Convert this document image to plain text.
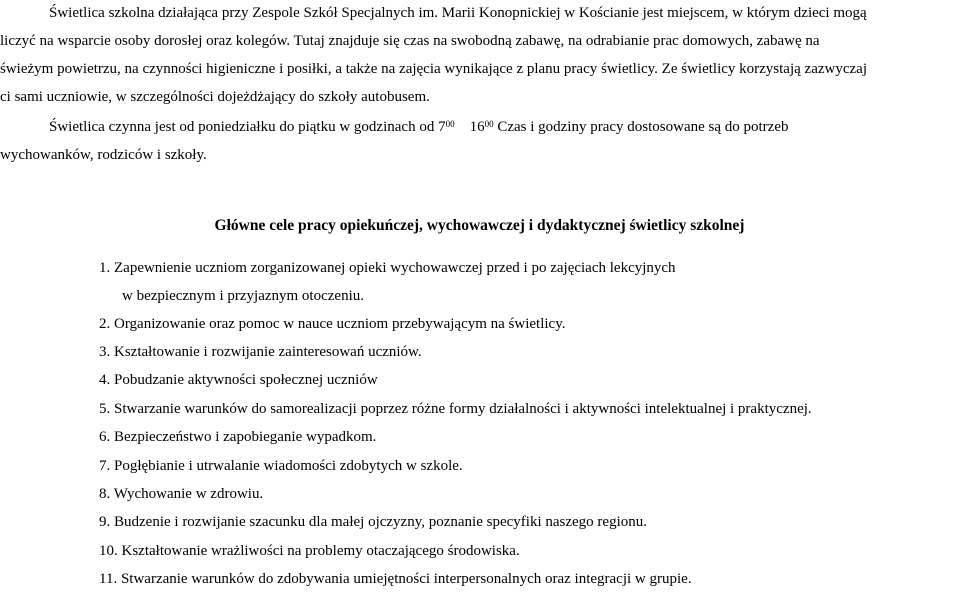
Świetlica szkolna działająca przy Zespole Szkół Specjalnych im. Marii Konopnickiej w Kościanie jest miejscem, w którym dzieci mogą
liczyć na wsparcie osoby dorosłej oraz kolegów. Tutaj znajduje się czas na swobodną zabawę, na odrabianie prac domowych, zabawę na
świeżym powietrzu, na czynności higieniczne i posiłki, a także na zajęcia wynikające z planu pracy świetlicy. Ze świetlicy korzystają zazwyczaj
ci sami uczniowie, w szczególności dojeżdżający do szkoły autobusem.
Świetlica czynna jest od poniedziałku do piątku w godzinach od $7^{00}$    $16^{00}$ Czas i godziny pracy dostosowane są do potrzeb
wychowanków, rodziców i szkoły.
Główne cele pracy opiekuńczej, wychowawczej i dydaktycznej świetlicy szkolnej
1. Zapewnienie uczniom zorganizowanej opieki wychowawczej przed i po zajęciach lekcyjnych
w bezpiecznym i przyjaznym otoczeniu.
2. Organizowanie oraz pomoc w nauce uczniom przebywającym na świetlicy.
3. Kształtowanie i rozwijanie zainteresowań uczniów.
4. Pobudzanie aktywności społecznej uczniów
5. Stwarzanie warunków do samorealizacji poprzez różne formy działalności i aktywności intelektualnej i praktycznej.
6. Bezpieczeństwo i zapobieganie wypadkom.
7. Pogłębianie i utrwalanie wiadomości zdobytych w szkole.
8. Wychowanie w zdrowiu.
9. Budzenie i rozwijanie szacunku dla małej ojczyzny, poznanie specyfiki naszego regionu.
10. Kształtowanie wrażliwości na problemy otaczającego środowiska.
11. Stwarzanie warunków do zdobywania umiejętności interpersonalnych oraz integracji w grupie.
